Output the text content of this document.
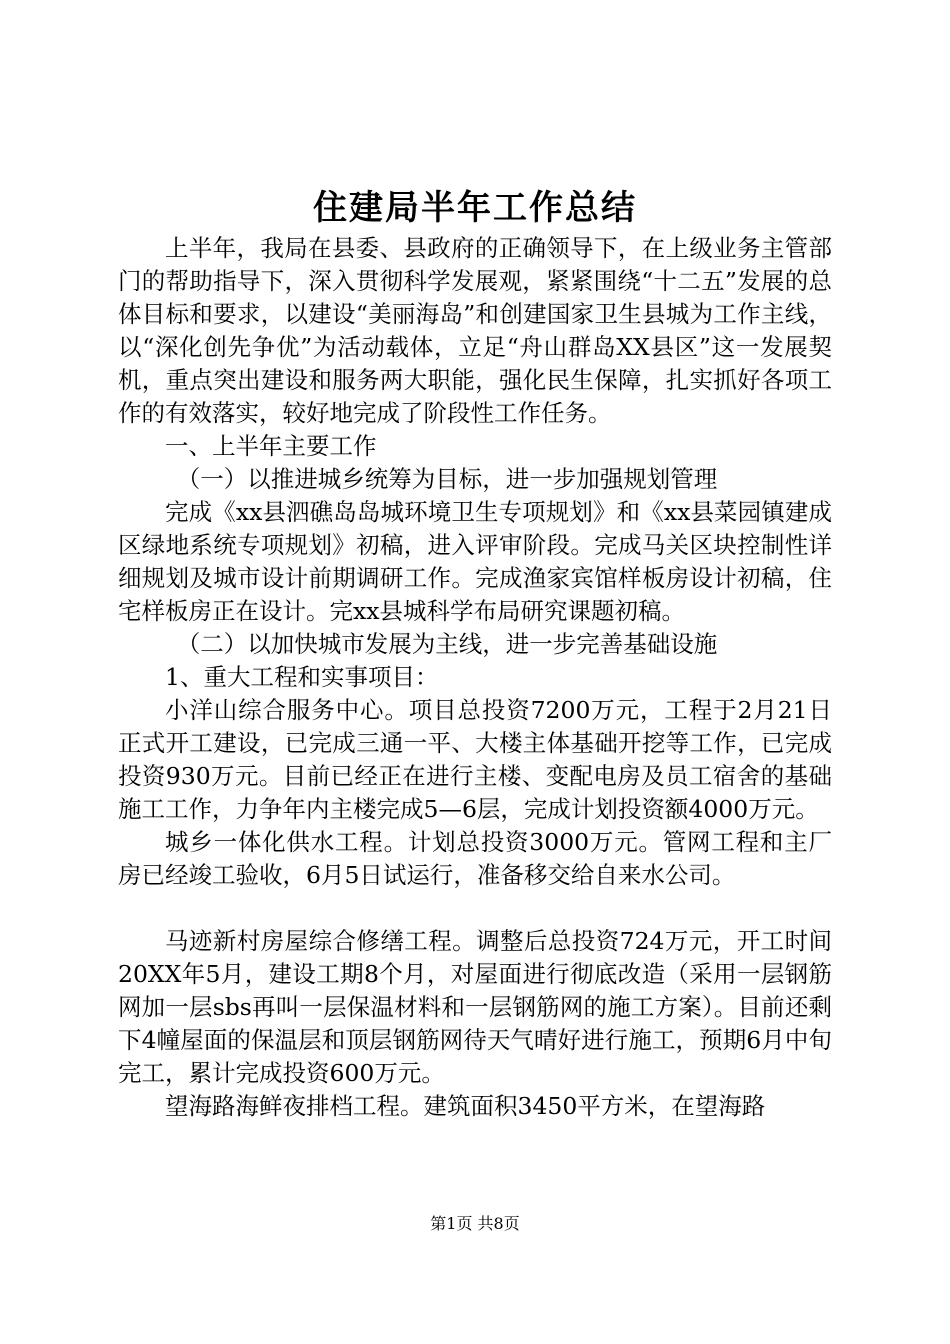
住建局半年工作总结

上半年，我局在县委、县政府的正确领导下，在上级业务主管部门的帮助指导下，深入贯彻科学发展观，紧紧围绕“十二五”发展的总体目标和要求，以建设“美丽海岛”和创建国家卫生县城为工作主线，以“深化创先争优”为活动载体，立足“舟山群岛XX县区”这一发展契机，重点突出建设和服务两大职能，强化民生保障，扎实抓好各项工作的有效落实，较好地完成了阶段性工作任务。

一、上半年主要工作

（一）以推进城乡统筹为目标，进一步加强规划管理

完成《xx县泗礁岛岛城环境卫生专项规划》和《xx县菜园镇建成区绿地系统专项规划》初稿，进入评审阶段。完成马关区块控制性详细规划及城市设计前期调研工作。完成渔家宾馆样板房设计初稿，住宅样板房正在设计。完xx县城科学布局研究课题初稿。

（二）以加快城市发展为主线，进一步完善基础设施

1、重大工程和实事项目：

小洋山综合服务中心。项目总投资7200万元，工程于2月21日正式开工建设，已完成三通一平、大楼主体基础开挖等工作，已完成投资930万元。目前已经正在进行主楼、变配电房及员工宿舍的基础施工工作，力争年内主楼完成5—6层，完成计划投资额4000万元。

城乡一体化供水工程。计划总投资3000万元。管网工程和主厂房已经竣工验收，6月5日试运行，准备移交给自来水公司。

马迹新村房屋综合修缮工程。调整后总投资724万元，开工时间20XX年5月，建设工期8个月，对屋面进行彻底改造（采用一层钢筋网加一层sbs再叫一层保温材料和一层钢筋网的施工方案）。目前还剩下4幢屋面的保温层和顶层钢筋网待天气晴好进行施工，预期6月中旬完工，累计完成投资600万元。

望海路海鲜夜排档工程。建筑面积3450平方米，在望海路

第1页 共8页
